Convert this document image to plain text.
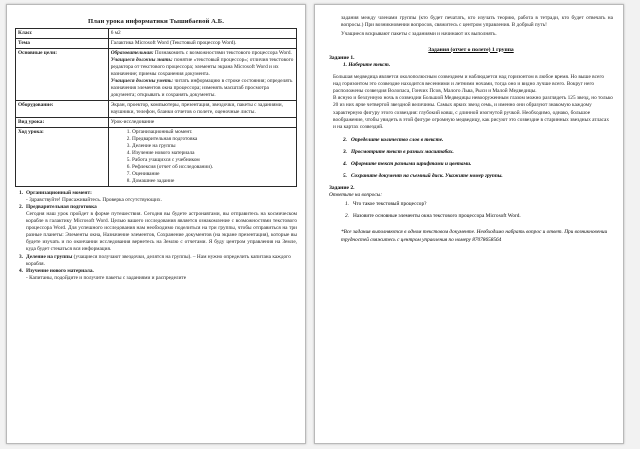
План урока информатики Тышибаевой А.Б.
Класс	6 м2
Тема	Галактика Microsoft Word (Текстовый процессор Word).
Основные цели:	Образовательная: Познакомить с возможностями текстового процессора Word.
Учащиеся должны знать: понятие «текстовый процессор»; отличия текстового редактора от текстового процессора; элементы экрана Microsoft Word и их назначение; приемы сохранения документа.
Учащиеся должны уметь: читать информацию в строке состояния; определять назначения элементов окна процессора; изменять масштаб просмотра документа; открывать и сохранять документы.

Оборудование:	Экран, проектор, компьютеры, презентация, звездочки, пакеты с заданиями, наушники, телефон, бланки отчетов о полете, оценочные листы.
Вид урока:	Урок-исследование
Ход урока:	1. Организационный момент.
2. Предварительная подготовка
3. Деление на группы
4. Изучение нового материала
5. Работа учащихся с учебником
6. Рефлексия (отчет об исследовании).
7. Оценивание
8. Домашнее задание
1. Организационный момент:
- Здравствуйте! Присаживайтесь. Проверка отсутствующих.
2. Предварительная подготовка
Сегодня наш урок пройдет в форме путешествия. Сегодня вы будете астронавтами, вы отправитесь на космическом корабле в галактику Microsoft Word. Целью вашего исследования является ознакомление с возможностями текстового процессора Word. Для успешного исследования нам необходимо поделиться на три группы, чтобы отправиться на три разные планеты: Элементы окна, Назначение элементов, Сохранение документов (на экране презентация), которые вы будете изучать и по окончании исследования вернетесь на Землю с отчетами. Я буду центром управления на Земле, куда будет стекаться вся информация.
3. Деление на группы (учащиеся получают звездочки, делятся на группы). – Нам нужно определить капитана каждого корабля.
4. Изучение нового материала.
- Капитаны, подойдите и получите пакеты с заданиями и распределите
задания между членами группы (кто будет печатать, кто изучать теорию, работа в тетради, кто будет отвечать на вопросы.) При возникновении вопросов, свяжитесь с центром управления. В добрый путь!
Учащиеся вскрывают пакеты с заданиями и начинают их выполнять.
Задания (отчет о полете) 1 группа
Задание 1.
1. Наберите текст.

Большая медведица является околополюсным созвездием и наблюдается над горизонтом в любое время. Но выше всего над горизонтом это созвездие находится весенними и летними ночами, тогда оно и видно лучше всего. Вокруг него расположены созвездия Волопаса, Гончих Псов, Малого Льва, Рыси и Малой Медведицы.

В ясную и безлунную ночь в созвездии Большой Медведицы невооруженным глазом можно разглядеть 125 звезд, но только 20 из них ярче четвертой звездной величины. Самых ярких звезд семь, и именно они образуют знакомую каждому характерную фигуру этого созвездия: глубокий ковш, с длинной изогнутой ручкой. Необходимо, однако, большое воображение, чтобы увидеть в этой фигуре огромную медведицу, как рисуют это созвездие в старинных звездных атласах и на картах созвездий.

2. Определите количество слов в тексте.
3. Просмотрите текст в разных масштабах.
4. Оформите текст разными шрифтами и цветами.
5. Сохраните документ на съемный диск. Укажите номер группы.
Задание 2.
Ответьте на вопросы:
1. Что такое текстовый процессор?
2. Назовите основные элементы окна текстового процессора Microsoft Word.
*Все задания выполняются в одном текстовом документе. Необходимо набрать вопрос и ответ. При возникновении трудностей свяжитесь с центром управления по номеру 87078658564
